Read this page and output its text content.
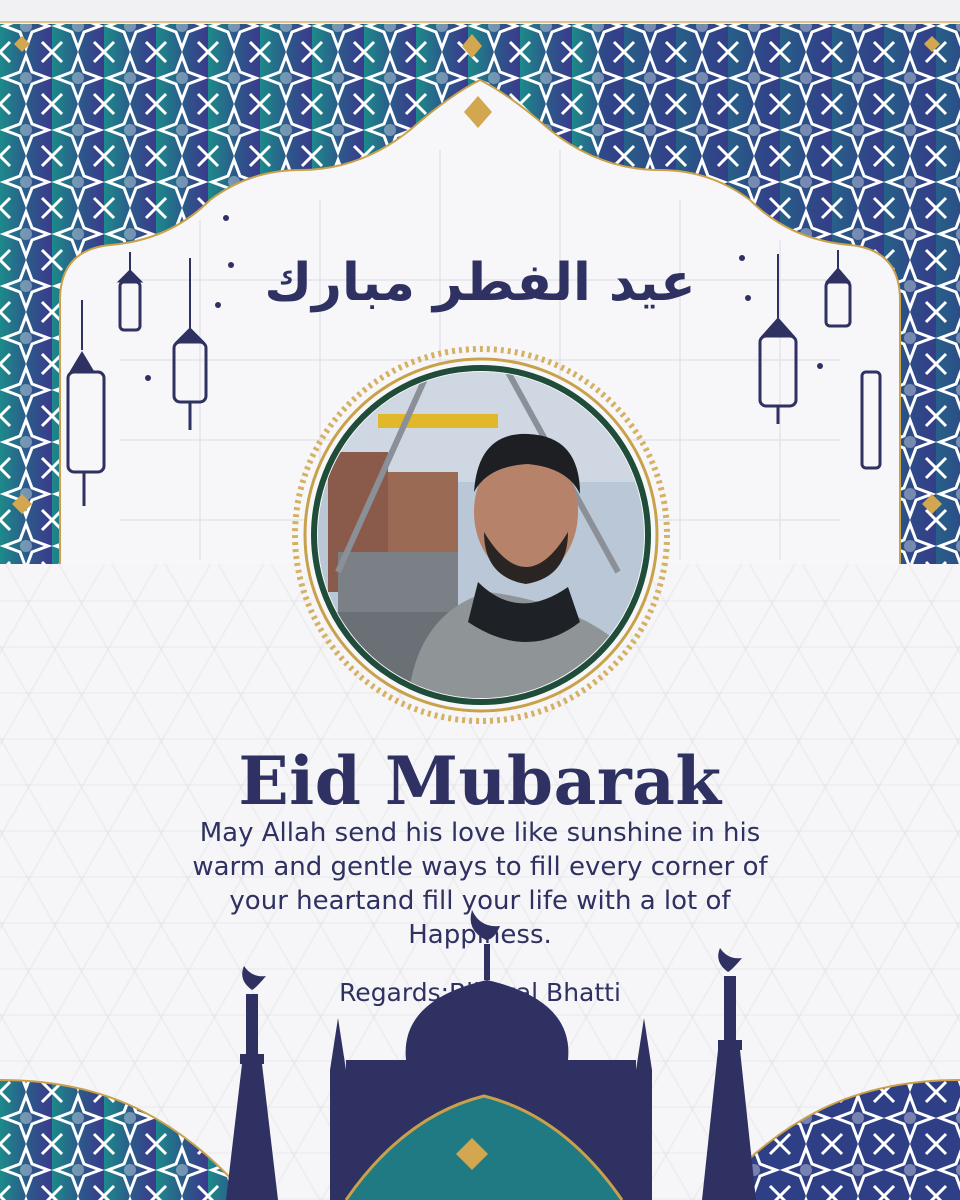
عيد الفطر مبارك
Eid Mubarak
May Allah send his love like sunshine in his warm and gentle ways to fill every corner of your heartand fill your life with a lot of Happiness.
Regards:Bilawal Bhatti
